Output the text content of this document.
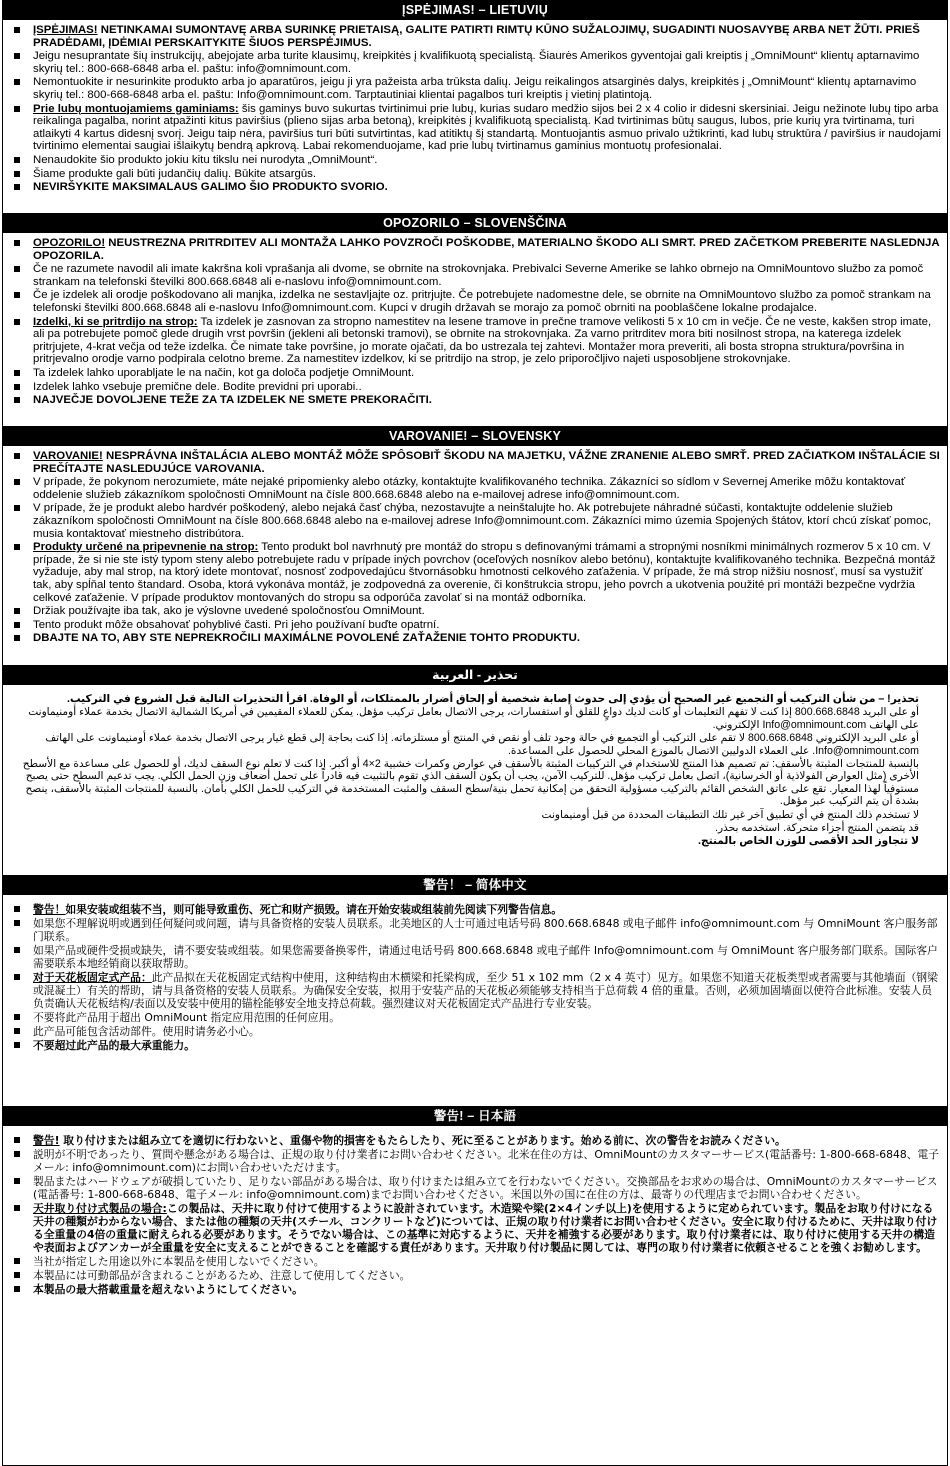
ĮSPĖJIMAS! – LIETUVIŲ
ĮSPĖJIMAS! NETINKAMAI SUMONTAVĘ ARBA SURINKĘ PRIETAISĄ, GALITE PATIRTI RIMTŲ KŪNO SUŽALOJIMŲ, SUGADINTI NUOSAVYBĘ ARBA NET ŽŪTI. PRIEŠ PRADĖDAMI, ĮDĖMIAI PERSKAITYKITE ŠIUOS PERSPĖJIMUS.
Jeigu nesuprantate šių instrukcijų, abejojate arba turite klausimų, kreipkitės į kvalifikuotą specialistą. Šiaurės Amerikos gyventojai gali kreiptis į „OmniMount“ klientų aptarnavimo skyrių tel.: 800-668-6848 arba el. paštu: info@omnimount.com.
Nemontuokite ir nesurinkite produkto arba jo aparatūros, jeigu ji yra pažeista arba trūksta dalių. Jeigu reikalingos atsarginės dalys, kreipkitės į „OmniMount“ klientų aptarnavimo skyrių tel.: 800-668-6848 arba el. paštu: Info@omnimount.com. Tarptautiniai klientai pagalbos turi kreiptis į vietinį platintoją.
Prie lubų montuojamiems gaminiams: šis gaminys buvo sukurtas tvirtinimui prie lubų, kurias sudaro medžio sijos bei 2 x 4 colio ir didesni skersiniai. Jeigu nežinote lubų tipo arba reikalinga pagalba, norint atpažinti kitus paviršius (plieno sijas arba betoną), kreipkitės į kvalifikuotą specialistą. Kad tvirtinimas būtų saugus, lubos, prie kurių yra tvirtinama, turi atlaikyti 4 kartus didesnį svorį. Jeigu taip nėra, paviršius turi būti sutvirtintas, kad atitiktų šį standartą. Montuojantis asmuo privalo užtikrinti, kad lubų struktūra / paviršius ir naudojami tvirtinimo elementai saugiai išlaikytų bendrą apkrovą. Labai rekomenduojame, kad prie lubų tvirtinamus gaminius montuotų profesionalai.
Nenaudokite šio produkto jokiu kitu tikslu nei nurodyta „OmniMount“.
Šiame produkte gali būti judančių dalių. Būkite atsargūs.
NEVIRŠYKITE MAKSIMALAUS GALIMO ŠIO PRODUKTO SVORIO.
OPOZORILO – SLOVENŠČINA
OPOZORILO! NEUSTREZNA PRITRDITEV ALI MONTAŽA LAHKO POVZROČI POŠKODBE, MATERIALNO ŠKODO ALI SMRT. PRED ZAČETKOM PREBERITE NASLEDNJA OPOZORILA.
Če ne razumete navodil ali imate kakršna koli vprašanja ali dvome, se obrnite na strokovnjaka. Prebivalci Severne Amerike se lahko obrnejo na OmniMountovo službo za pomoč strankam na telefonski številki 800.668.6848 ali e-naslovu info@omnimount.com.
Če je izdelek ali orodje poškodovano ali manjka, izdelka ne sestavljajte oz. pritrjujte. Če potrebujete nadomestne dele, se obrnite na OmniMountovo službo za pomoč strankam na telefonski številki 800.668.6848 ali e-naslovu Info@omnimount.com. Kupci v drugih državah se morajo za pomoč obrniti na pooblaščene lokalne prodajalce.
Izdelki, ki se pritrdijo na strop: Ta izdelek je zasnovan za stropno namestitev na lesene tramove in prečne tramove velikosti 5 x 10 cm in večje. Če ne veste, kakšen strop imate, ali pa potrebujete pomoč glede drugih vrst površin (jekleni ali betonski tramovi), se obrnite na strokovnjaka. Za varno pritrditev mora biti nosilnost stropa, na katerega izdelek pritrjujete, 4-krat večja od teže izdelka. Če nimate take površine, jo morate ojačati, da bo ustrezala tej zahtevi. Montažer mora preveriti, ali bosta stropna struktura/površina in pritrjevalno orodje varno podpirala celotno breme. Za namestitev izdelkov, ki se pritrdijo na strop, je zelo priporočljivo najeti usposobljene strokovnjake.
Ta izdelek lahko uporabljate le na način, kot ga določa podjetje OmniMount.
Izdelek lahko vsebuje premične dele. Bodite previdni pri uporabi..
NAJVEČJE DOVOLJENE TEŽE ZA TA IZDELEK NE SMETE PREKORAČITI.
VAROVANIE! – SLOVENSKY
VAROVANIE! NESPRÁVNA INŠTALÁCIA ALEBO MONTÁŽ MÔŽE SPÔSOBIŤ ŠKODU NA MAJETKU, VÁŽNE ZRANENIE ALEBO SMRŤ. PRED ZAČIATKOM INŠTALÁCIE SI PREČÍTAJTE NASLEDUJÚCE VAROVANIA.
V prípade, že pokynom nerozumiete, máte nejaké pripomienky alebo otázky, kontaktujte kvalifikovaného technika. Zákazníci so sídlom v Severnej Amerike môžu kontaktovať oddelenie služieb zákazníkom spoločnosti OmniMount na čísle 800.668.6848 alebo na e-mailovej adrese info@omnimount.com.
V prípade, že je produkt alebo hardvér poškodený, alebo nejaká časť chýba, nezostavujte a neinštalujte ho. Ak potrebujete náhradné súčasti, kontaktujte oddelenie služieb zákazníkom spoločnosti OmniMount na čísle 800.668.6848 alebo na e-mailovej adrese Info@omnimount.com. Zákazníci mimo územia Spojených štátov, ktorí chcú získať pomoc, musia kontaktovať miestneho distribútora.
Produkty určené na pripevnenie na strop: Tento produkt bol navrhnutý pre montáž do stropu s definovanými trámami a stropnými nosníkmi minimálnych rozmerov 5 x 10 cm. V prípade, že si nie ste istý typom steny alebo potrebujete radu v prípade iných povrchov (oceľových nosníkov alebo betónu), kontaktujte kvalifikovaného technika. Bezpečná montáž vyžaduje, aby mal strop, na ktorý idete montovať, nosnosť zodpovedajúcu štvornásobku hmotnosti celkového zaťaženia. V prípade, že má strop nižšiu nosnosť, musí sa vystužiť tak, aby spĺňal tento štandard. Osoba, ktorá vykonáva montáž, je zodpovedná za overenie, či konštrukcia stropu, jeho povrch a ukotvenia použité pri montáži bezpečne vydržia celkové zaťaženie. V prípade produktov montovaných do stropu sa odporúča zavolať si na montáž odborníka.
Držiak používajte iba tak, ako je výslovne uvedené spoločnosťou OmniMount.
Tento produkt môže obsahovať pohyblivé časti. Pri jeho používaní buďte opatrní.
DBAJTE NA TO, ABY STE NEPREKROČILI MAXIMÁLNE POVOLENÉ ZAŤAŽENIE TOHTO PRODUKTU.
تحذير - العربية
تحذير! – من شأن التركيب أو التجميع غير الصحيح أن يؤدي إلى حدوث إصابة شخصية أو إلحاق أضرار بالممتلكات، أو الوفاة. اقرأ التحذيرات التالية قبل الشروع في التركيب.
أو على البريد 800.668.6848 إذا كنت لا تفهم التعليمات أو كانت لديك دواعٍ للقلق أو استفسارات، يرجى الاتصال بعامل تركيب مؤهل. يمكن للعملاء المقيمين في أمريكا الشمالية الاتصال بخدمة عملاء أومنيماونت على الهاتف Info@omnimount.com الإلكتروني.
أو على البريد الإلكتروني 800.668.6848 لا تقم على التركيب أو التجميع في حالة وجود تلف أو نقص في المنتج أو مستلزماته. إذا كنت بحاجة إلى قطع غيار يرجى الاتصال بخدمة عملاء أومنيماونت على الهاتف Info@omnimount.com. على العملاء الدوليين الاتصال بالموزع المحلي للحصول على المساعدة.
بالنسبة للمنتجات المثبتة بالأسقف: تم تصميم هذا المنتج للاستخدام في التركيبات المثبتة بالأسقف في عوارض وكمرات خشبية 2×4 أو أكبر. إذا كنت لا تعلم نوع السقف لديك، أو للحصول على مساعدة مع الأسطح الأخرى (مثل العوارض الفولاذية أو الخرسانية)، اتصل بعامل تركيب مؤهل. للتركيب الآمن، يجب أن يكون السقف الذي تقوم بالتثبيت فيه قادراً على تحمل أضعاف وزن الحمل الكلي. يجب تدعيم السطح حتى يصبح مستوفياً لهذا المعيار. تقع على عاتق الشخص القائم بالتركيب مسؤولية التحقق من إمكانية تحمل بنية/سطح السقف والمثبت المستخدمة في التركيب للحمل الكلي بأمان. بالنسبة للمنتجات المثبتة بالأسقف، ينصح بشدة أن يتم التركيب عبر مؤهل.
لا تستخدم ذلك المنتج في أي تطبيق آخر غير تلك التطبيقات المحددة من قبل أومنيماونت
قد يتضمن المنتج أجزاء متحركة. استخدمه بحذر.
لا تتجاوز الحد الأقصى للوزن الخاص بالمنتج.
警告！ – 简体中文
警告！如果安装或组装不当，则可能导致重伤、死亡和财产损毁。请在开始安装或组装前先阅读下列警告信息。
如果您不理解说明或遇到任何疑问或问题，请与具备资格的安装人员联系。北美地区的人士可通过电话号码 800.668.6848 或电子邮件 info@omnimount.com 与 OmniMount 客户服务部门联系。
如果产品或硬件受损或缺失，请不要安装或组装。如果您需要备换零件，请通过电话号码 800.668.6848 或电子邮件 Info@omnimount.com 与 OmniMount 客户服务部门联系。国际客户需要联系本地经销商以获取帮助。
对于天花板固定式产品：此产品拟在天花板固定式结构中使用，这种结构由木横梁和托梁构成，至少 51 x 102 mm（2 x 4 英寸）见方。如果您不知道天花板类型或者需要与其他墙面（钢梁或混凝土）有关的帮助，请与具备资格的安装人员联系。为确保安全安装，拟用于安装产品的天花板必须能够支持相当于总荷载 4 倍的重量。否则，必须加固墙面以使符合此标准。安装人员负责确认天花板结构/表面以及安装中使用的锚栓能够安全地支持总荷载。强烈建议对天花板固定式产品进行专业安装。
不要将此产品用于超出 OmniMount 指定应用范围的任何应用。
此产品可能包含活动部件。使用时请务必小心。
不要超过此产品的最大承重能力。
警告! – 日本語
警告! 取り付けまたは組み立てを適切に行わないと、重傷や物的損害をもたらしたり、死に至ることがあります。始める前に、次の警告をお読みください。
説明が不明であったり、質問や懸念がある場合は、正規の取り付け業者にお問い合わせください。北米在住の方は、OmniMountのカスタマーサービス(電話番号: 1-800-668-6848、電子メール: info@omnimount.com)にお問い合わせいただけます。
製品またはハードウェアが破損していたり、足りない部品がある場合は、取り付けまたは組み立てを行わないでください。交換部品をお求めの場合は、OmniMountのカスタマーサービス(電話番号: 1-800-668-6848、電子メール: info@omnimount.com)までお問い合わせください。米国以外の国に在住の方は、最寄りの代理店までお問い合わせください。
天井取り付け式製品の場合:この製品は、天井に取り付けて使用するように設計されています。木造梁や梁(2×4インチ以上)を使用するように定められています。製品をお取り付けになる天井の種類がわからない場合、または他の種類の天井(スチール、コンクリートなど)については、正規の取り付け業者にお問い合わせください。安全に取り付けるために、天井は取り付ける全重量の4倍の重量に耐えられる必要があります。そうでない場合は、この基準に対応するように、天井を補強する必要があります。取り付け業者には、取り付けに使用する天井の構造や表面およびアンカーが全重量を安全に支えることができることを確認する責任があります。天井取り付け製品に関しては、専門の取り付け業者に依頼させることを強くお勧めします。
当社が指定した用途以外に本製品を使用しないでください。
本製品には可動部品が含まれることがあるため、注意して使用してください。
本製品の最大搭載重量を超えないようにしてください。
